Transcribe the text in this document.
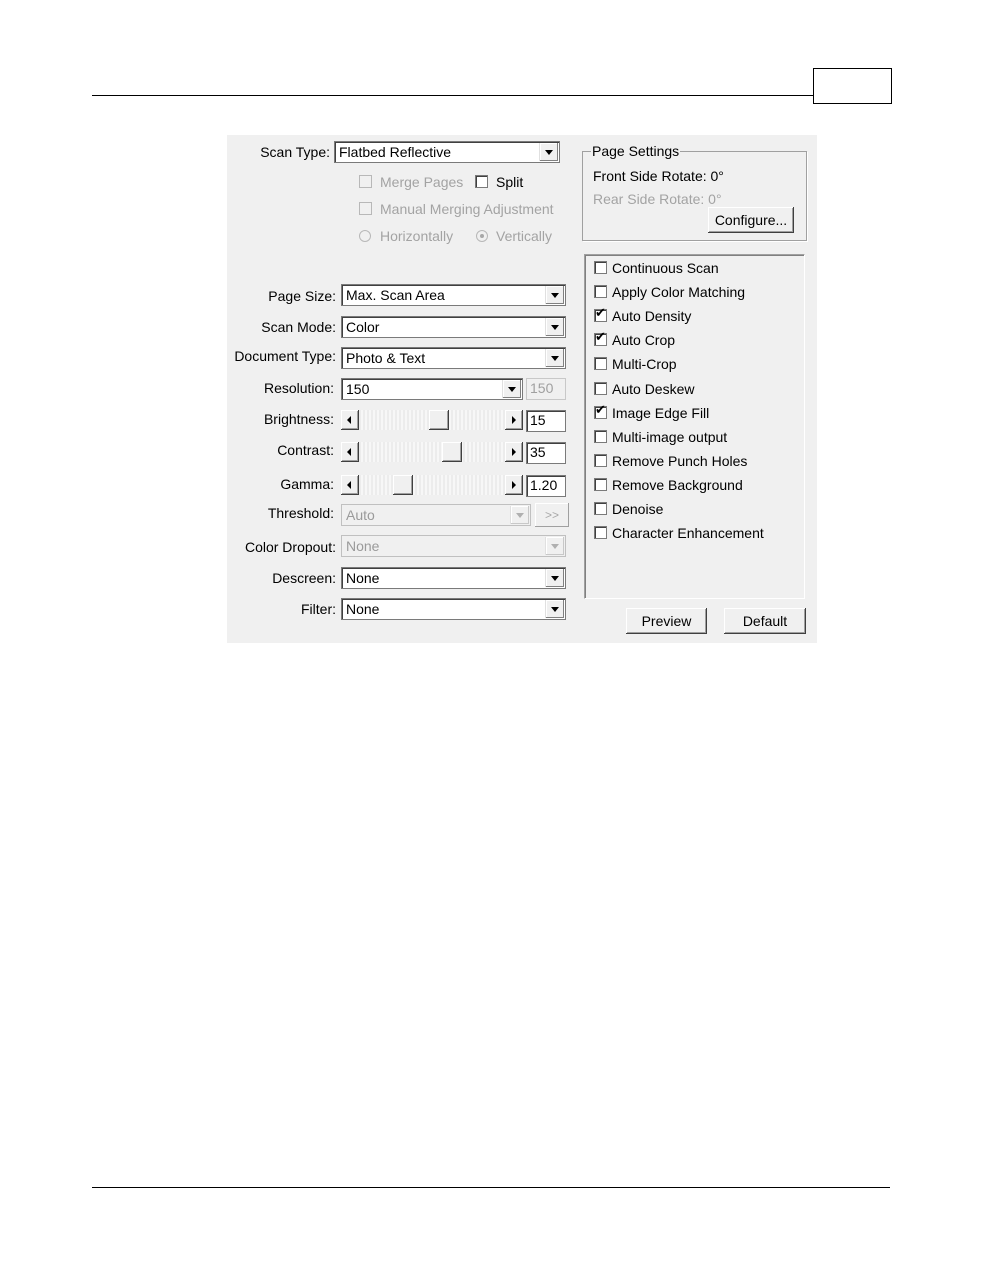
Scan Type: Flatbed Reflective
Merge Pages Split
Manual Merging Adjustment
Horizontally	Vertically
Page Settings
Front Side Rotate: 0°
Rear Side Rotate: 0°
Configure...
Page Size: Max. Scan Area
Scan Mode: Color
Document Type: Photo & Text
Resolution: 150	150
Brightness:	15
Contrast:	35
Gamma:	1.20
Threshold: Auto	>>
Color Dropout: None
Descreen: None
Filter: None
Preview	Default
Continuous Scan
Apply Color Matching
✔ Auto Density
✔ Auto Crop
Multi-Crop
Auto Deskew
✔ Image Edge Fill
Multi-image output
Remove Punch Holes
Remove Background
Denoise
Character Enhancement
